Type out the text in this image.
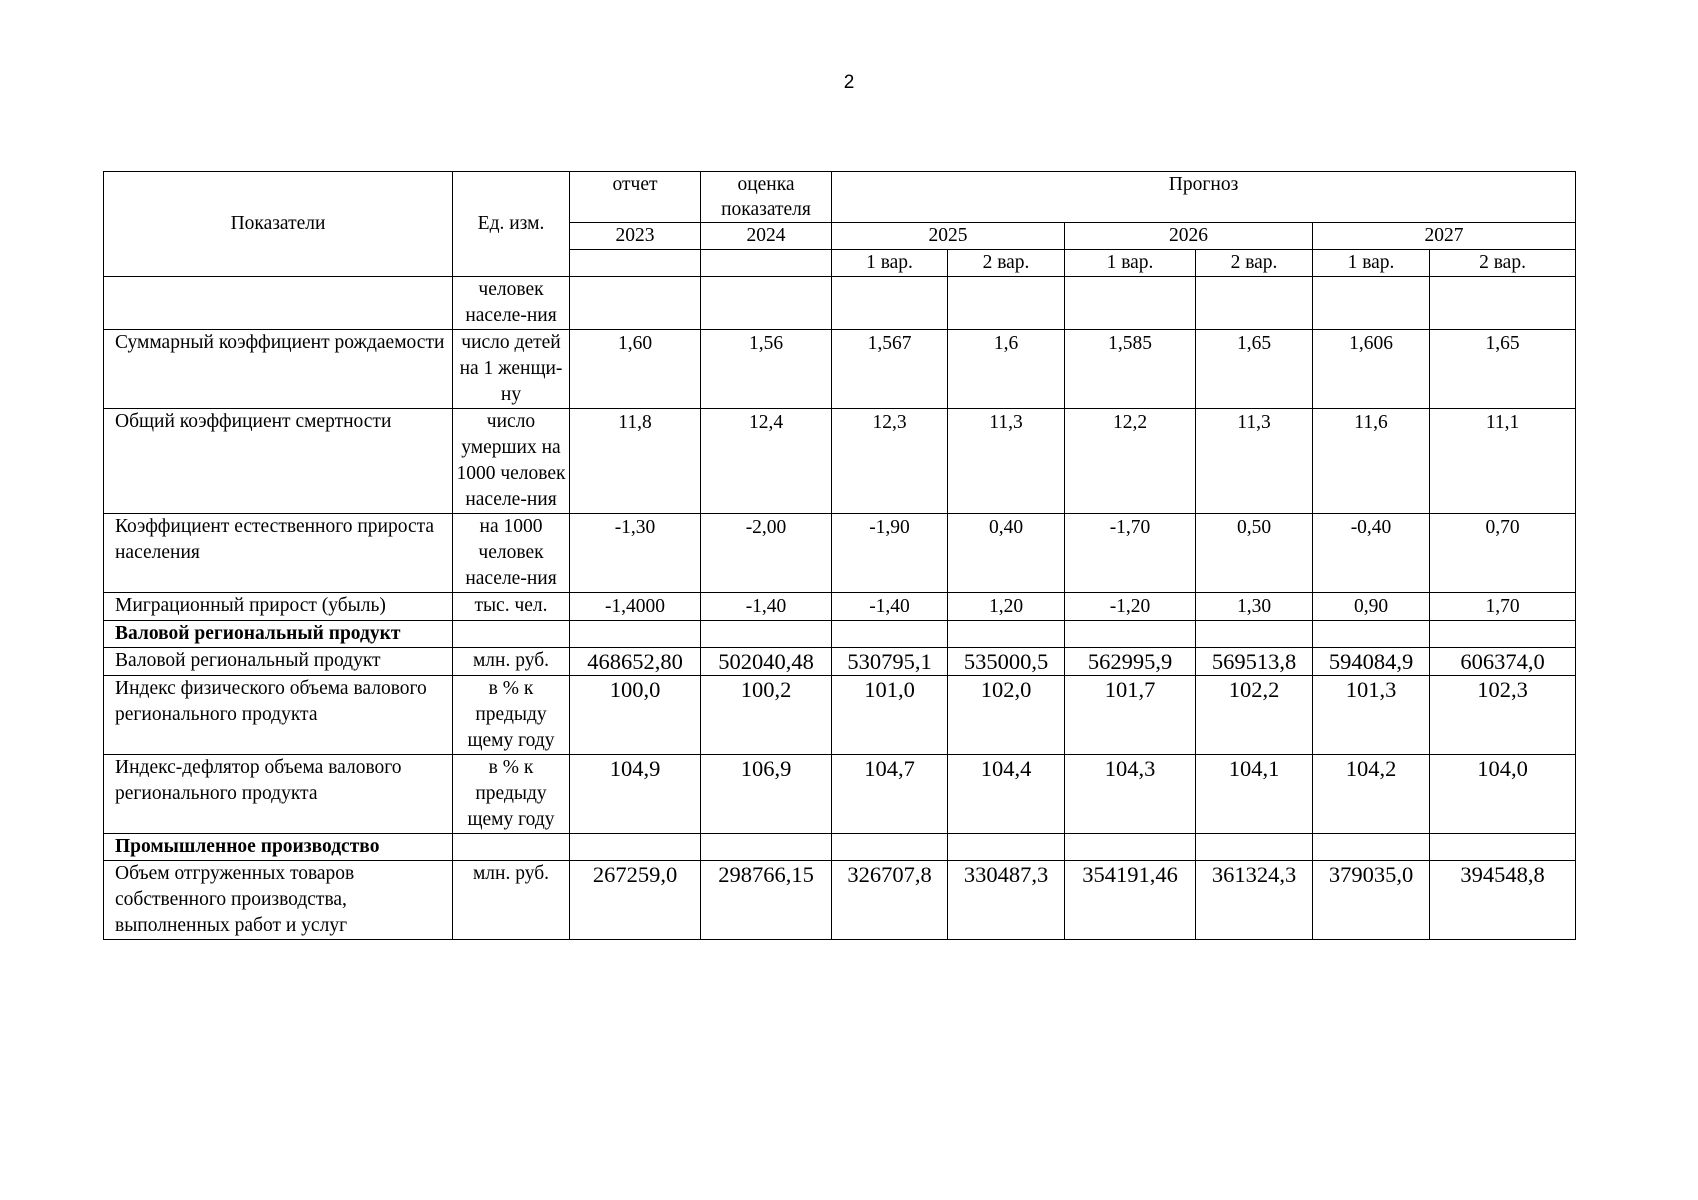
2
Показатели	Ед. изм.	отчет	оценка показателя	Прогноз					
		2023	2024	2025		2026		2027	
				1 вар.	2 вар.	1 вар.	2 вар.	1 вар.	2 вар.
	человек населе-ния								
Суммарный коэффициент рождаемости	число детей на 1 женщи-ну	1,60	1,56	1,567	1,6	1,585	1,65	1,606	1,65
Общий коэффициент смертности	число умерших на 1000 человек населе-ния	11,8	12,4	12,3	11,3	12,2	11,3	11,6	11,1
Коэффициент естественного прироста населения	на 1000 человек населе-ния	-1,30	-2,00	-1,90	0,40	-1,70	0,50	-0,40	0,70
Миграционный прирост (убыль)	тыс. чел.	-1,4000	-1,40	-1,40	1,20	-1,20	1,30	0,90	1,70
Валовой региональный продукт									
Валовой региональный продукт	млн. руб.	468652,80	502040,48	530795,1	535000,5	562995,9	569513,8	594084,9	606374,0
Индекс физического объема валового регионального продукта	в % к предыду щему году	100,0	100,2	101,0	102,0	101,7	102,2	101,3	102,3
Индекс-дефлятор объема валового регионального продукта	в % к предыду щему году	104,9	106,9	104,7	104,4	104,3	104,1	104,2	104,0
Промышленное производство									
Объем отгруженных товаров собственного производства, выполненных работ и услуг	млн. руб.	267259,0	298766,15	326707,8	330487,3	354191,46	361324,3	379035,0	394548,8
